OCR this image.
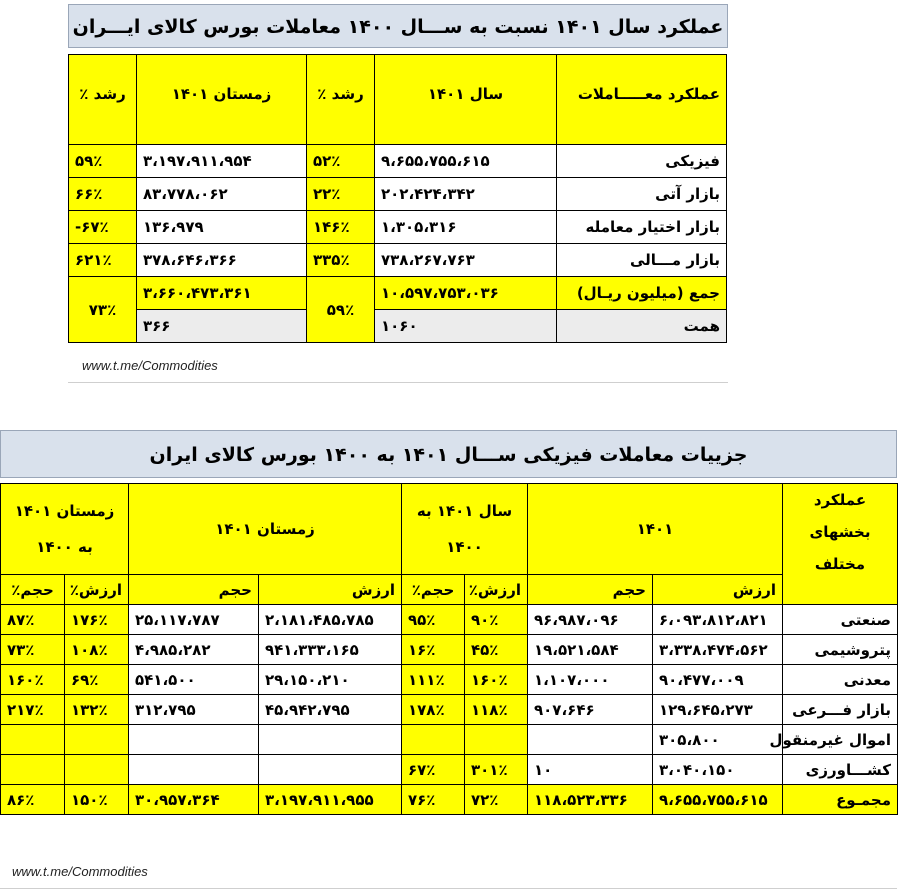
عملکرد سال ۱۴۰۱ نسبت به ســـال ۱۴۰۰ معاملات بورس کالای ایـــران
عملکرد معـــــاملات	سال ۱۴۰۱	رشد ٪	زمستان ۱۴۰۱	رشد ٪
فیزیکی	۹،۶۵۵،۷۵۵،۶۱۵	۵۲٪	۳،۱۹۷،۹۱۱،۹۵۴	۵۹٪
بازار آتی	۲۰۲،۴۲۴،۳۴۲	۲۲٪	۸۳،۷۷۸،۰۶۲	۶۶٪
بازار اختیار معامله	۱،۳۰۵،۳۱۶	۱۴۶٪	۱۳۶،۹۷۹	-۶۷٪
بازار مـــالی	۷۳۸،۲۶۷،۷۶۳	۳۳۵٪	۳۷۸،۶۴۶،۳۶۶	۶۲۱٪
جمع (میلیون ریـال)	۱۰،۵۹۷،۷۵۳،۰۳۶	۵۹٪	۳،۶۶۰،۴۷۳،۳۶۱	۷۳٪
همت	۱۰۶۰		۳۶۶	
www.t.me/Commodities
جزییات معاملات فیزیکی ســـال ۱۴۰۱ به ۱۴۰۰ بورس کالای ایران
عملکرد بخشهای مختلف	۱۴۰۱		سال ۱۴۰۱ به ۱۴۰۰		زمستان ۱۴۰۱		زمستان ۱۴۰۱ به ۱۴۰۰	
	ارزش	حجم	ارزش٪	حجم٪	ارزش	حجم	ارزش٪	حجم٪
صنعتی	۶،۰۹۳،۸۱۲،۸۲۱	۹۶،۹۸۷،۰۹۶	۹۰٪	۹۵٪	۲،۱۸۱،۴۸۵،۷۸۵	۲۵،۱۱۷،۷۸۷	۱۷۶٪	۸۷٪
پتروشیمی	۳،۳۳۸،۴۷۴،۵۶۲	۱۹،۵۲۱،۵۸۴	۴۵٪	۱۶٪	۹۴۱،۳۳۳،۱۶۵	۴،۹۸۵،۲۸۲	۱۰۸٪	۷۳٪
معدنی	۹۰،۴۷۷،۰۰۹	۱،۱۰۷،۰۰۰	۱۶۰٪	۱۱۱٪	۲۹،۱۵۰،۲۱۰	۵۴۱،۵۰۰	۶۹٪	۱۶۰٪
بازار فـــرعی	۱۲۹،۶۴۵،۲۷۳	۹۰۷،۶۴۶	۱۱۸٪	۱۷۸٪	۴۵،۹۴۲،۷۹۵	۳۱۲،۷۹۵	۱۳۲٪	۲۱۷٪
اموال غیرمنقول	۳۰۵،۸۰۰							
کشـــاورزی	۳،۰۴۰،۱۵۰	۱۰	۳۰۱٪	۶۷٪				
مجمـوع	۹،۶۵۵،۷۵۵،۶۱۵	۱۱۸،۵۲۳،۳۳۶	۷۲٪	۷۶٪	۳،۱۹۷،۹۱۱،۹۵۵	۳۰،۹۵۷،۳۶۴	۱۵۰٪	۸۶٪
www.t.me/Commodities
